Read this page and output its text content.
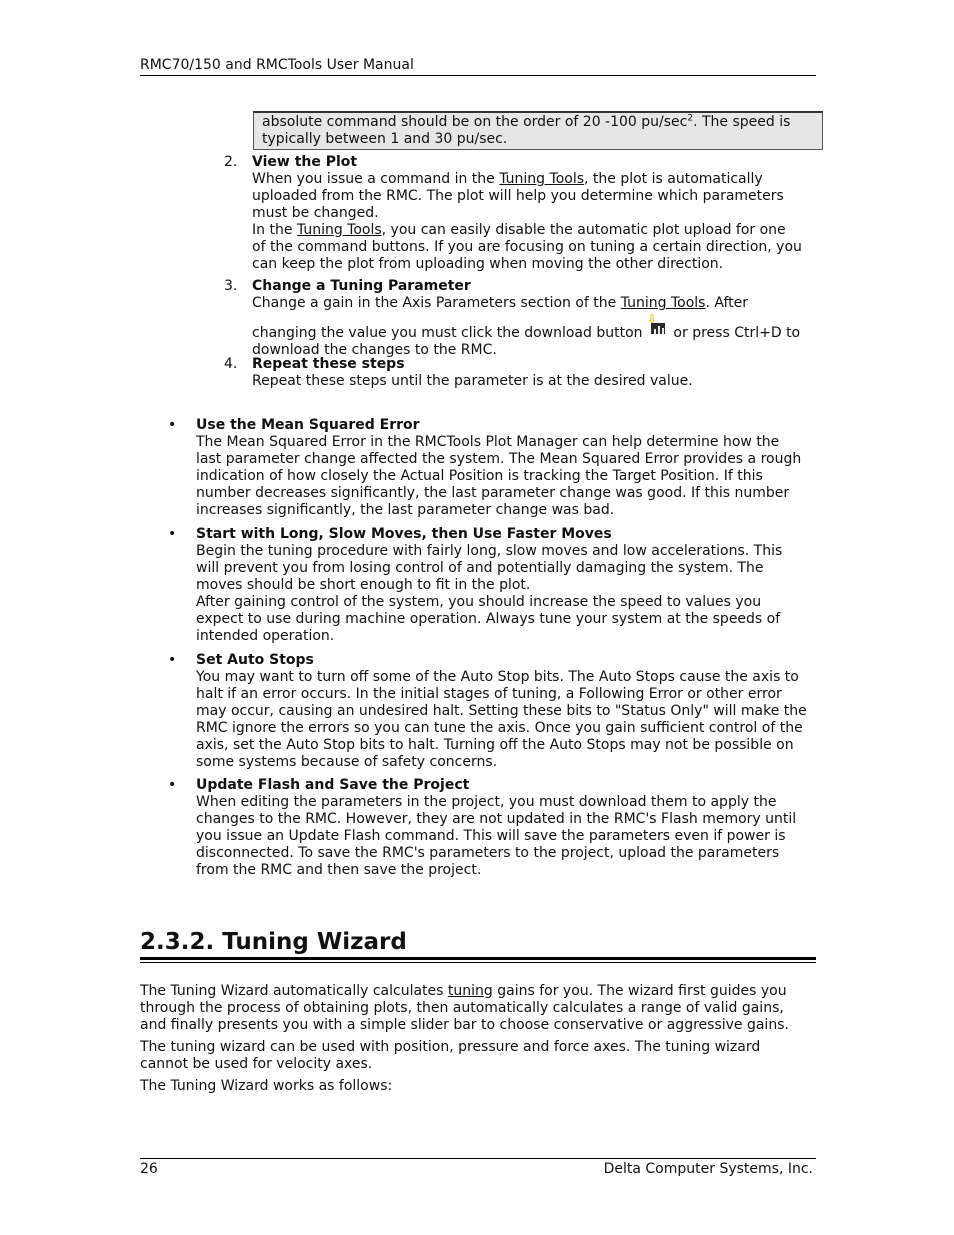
RMC70/150 and RMCTools User Manual
absolute command should be on the order of 20 -100 $pu/\sec^2$. The speed is
typically between 1 and 30 pu/sec.
2. View the Plot
When you issue a command in the Tuning Tools, the plot is automatically
uploaded from the RMC. The plot will help you determine which parameters
must be changed.
In the Tuning Tools, you can easily disable the automatic plot upload for one
of the command buttons. If you are focusing on tuning a certain direction, you
can keep the plot from uploading when moving the other direction.
3. Change a Tuning Parameter
Change a gain in the Axis Parameters section of the Tuning Tools. After
changing the value you must click the download button
⇩
or press Ctrl+D to
download the changes to the RMC.
4. Repeat these steps
Repeat these steps until the parameter is at the desired value.
• Use the Mean Squared Error
The Mean Squared Error in the RMCTools Plot Manager can help determine how the
last parameter change affected the system. The Mean Squared Error provides a rough
indication of how closely the Actual Position is tracking the Target Position. If this
number decreases significantly, the last parameter change was good. If this number
increases significantly, the last parameter change was bad.
• Start with Long, Slow Moves, then Use Faster Moves
Begin the tuning procedure with fairly long, slow moves and low accelerations. This
will prevent you from losing control of and potentially damaging the system. The
moves should be short enough to fit in the plot.
After gaining control of the system, you should increase the speed to values you
expect to use during machine operation. Always tune your system at the speeds of
intended operation.
• Set Auto Stops
You may want to turn off some of the Auto Stop bits. The Auto Stops cause the axis to
halt if an error occurs. In the initial stages of tuning, a Following Error or other error
may occur, causing an undesired halt. Setting these bits to "Status Only" will make the
RMC ignore the errors so you can tune the axis. Once you gain sufficient control of the
axis, set the Auto Stop bits to halt. Turning off the Auto Stops may not be possible on
some systems because of safety concerns.
• Update Flash and Save the Project
When editing the parameters in the project, you must download them to apply the
changes to the RMC. However, they are not updated in the RMC's Flash memory until
you issue an Update Flash command. This will save the parameters even if power is
disconnected. To save the RMC's parameters to the project, upload the parameters
from the RMC and then save the project.
2.3.2. Tuning Wizard
The Tuning Wizard automatically calculates tuning gains for you. The wizard first guides you
through the process of obtaining plots, then automatically calculates a range of valid gains,
and finally presents you with a simple slider bar to choose conservative or aggressive gains.
The tuning wizard can be used with position, pressure and force axes. The tuning wizard
cannot be used for velocity axes.
The Tuning Wizard works as follows:
26	Delta Computer Systems, Inc.
